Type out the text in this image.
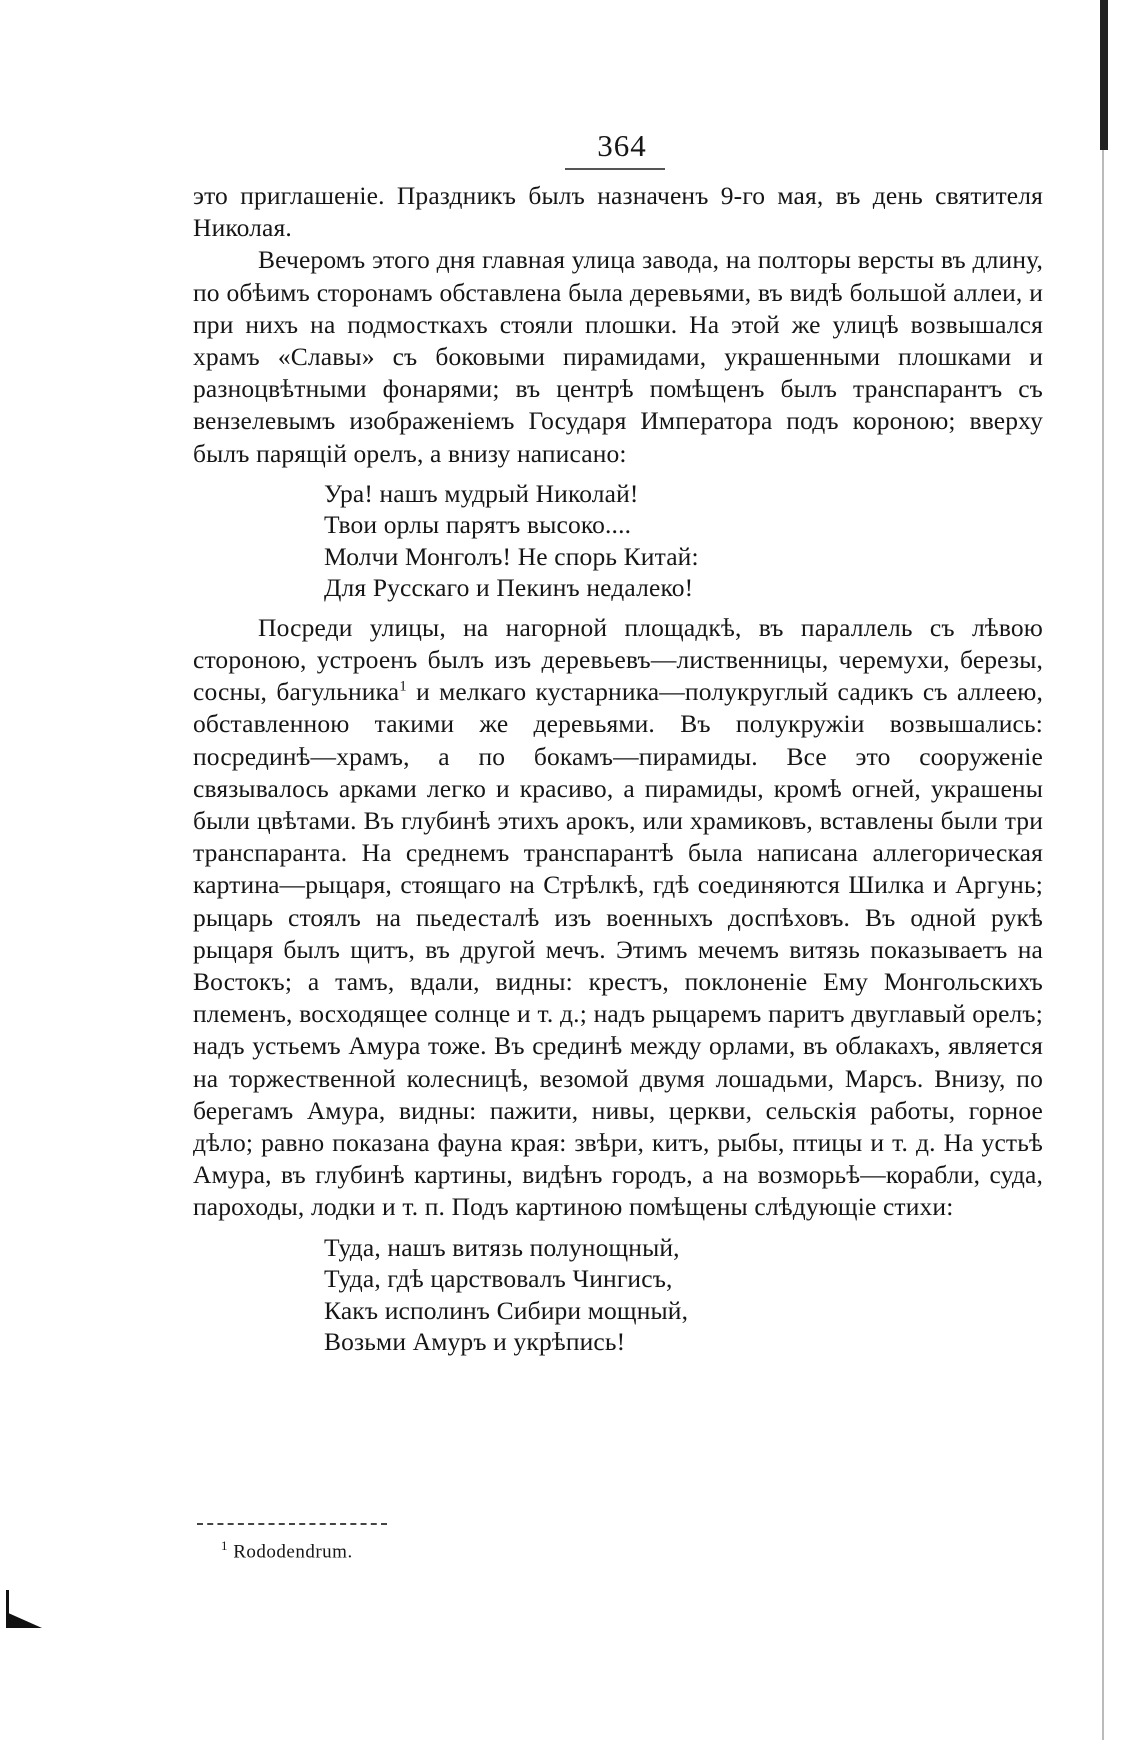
364

это приглашеніе. Праздникъ былъ назначенъ 9-го мая, въ день святителя Николая.

Вечеромъ этого дня главная улица завода, на полторы версты въ длину, по обѣимъ сторонамъ обставлена была деревьями, въ видѣ большой аллеи, и при нихъ на подмосткахъ стояли плошки. На этой же улицѣ возвышался храмъ «Славы» съ боковыми пирамидами, украшенными плошками и разноцвѣтными фонарями; въ центрѣ помѣщенъ былъ транспарантъ съ вензелевымъ изображеніемъ Государя Императора подъ короною; вверху былъ парящій орелъ, а внизу написано:

Ура! нашъ мудрый Николай!
Твои орлы парятъ высоко....
Молчи Монголъ! Не спорь Китай:
Для Русскаго и Пекинъ недалеко!

Посреди улицы, на нагорной площадкѣ, въ параллель съ лѣвою стороною, устроенъ былъ изъ деревьевъ—лиственницы, черемухи, березы, сосны, багульника$^1$ и мелкаго кустарника—полукруглый садикъ съ аллеею, обставленною такими же деревьями. Въ полукружіи возвышались: посрединѣ—храмъ, а по бокамъ—пирамиды. Все это сооруженіе связывалось арками легко и красиво, а пирамиды, кромѣ огней, украшены были цвѣтами. Въ глубинѣ этихъ арокъ, или храмиковъ, вставлены были три транспаранта. На среднемъ транспарантѣ была написана аллегорическая картина—рыцаря, стоящаго на Стрѣлкѣ, гдѣ соединяются Шилка и Аргунь; рыцарь стоялъ на пьедесталѣ изъ военныхъ доспѣховъ. Въ одной рукѣ рыцаря былъ щитъ, въ другой мечъ. Этимъ мечемъ витязь показываетъ на Востокъ; а тамъ, вдали, видны: крестъ, поклоненіе Ему Монгольскихъ племенъ, восходящее солнце и т. д.; надъ рыцаремъ паритъ двуглавый орелъ; надъ устьемъ Амура тоже. Въ срединѣ между орлами, въ облакахъ, является на торжественной колесницѣ, везомой двумя лошадьми, Марсъ. Внизу, по берегамъ Амура, видны: пажити, нивы, церкви, сельскія работы, горное дѣло; равно показана фауна края: звѣри, китъ, рыбы, птицы и т. д. На устьѣ Амура, въ глубинѣ картины, видѣнъ городъ, а на возморьѣ—корабли, суда, пароходы, лодки и т. п. Подъ картиною помѣщены слѣдующіе стихи:

Туда, нашъ витязь полунощный,
Туда, гдѣ царствовалъ Чингисъ,
Какъ исполинъ Сибири мощный,
Возьми Амуръ и укрѣпись!
$^1$ Rododendrum.
